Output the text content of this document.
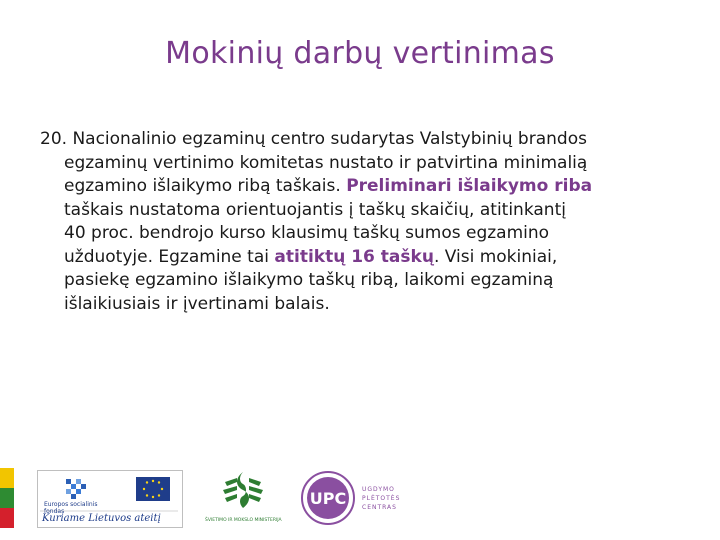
Mokinių darbų vertinimas
20. Nacionalinio egzaminų centro sudarytas Valstybinių brandos
egzaminų vertinimo komitetas nustato ir patvirtina minimalią
egzamino išlaikymo ribą taškais. Preliminari išlaikymo riba
taškais nustatoma orientuojantis į taškų skaičių, atitinkantį
40 proc. bendrojo kurso klausimų taškų sumos egzamino
užduotyje. Egzamine tai atitiktų 16 taškų. Visi mokiniai,
pasiekę egzamino išlaikymo taškų ribą, laikomi egzaminą
išlaikiusiais ir įvertinami balais.
Europos socialinis fondas
Kuriame Lietuvos ateitį	ŠVIETIMO IR MOKSLO MINISTERIJA
UPC	UGDYMO
PLĖTOTĖS
CENTRAS
